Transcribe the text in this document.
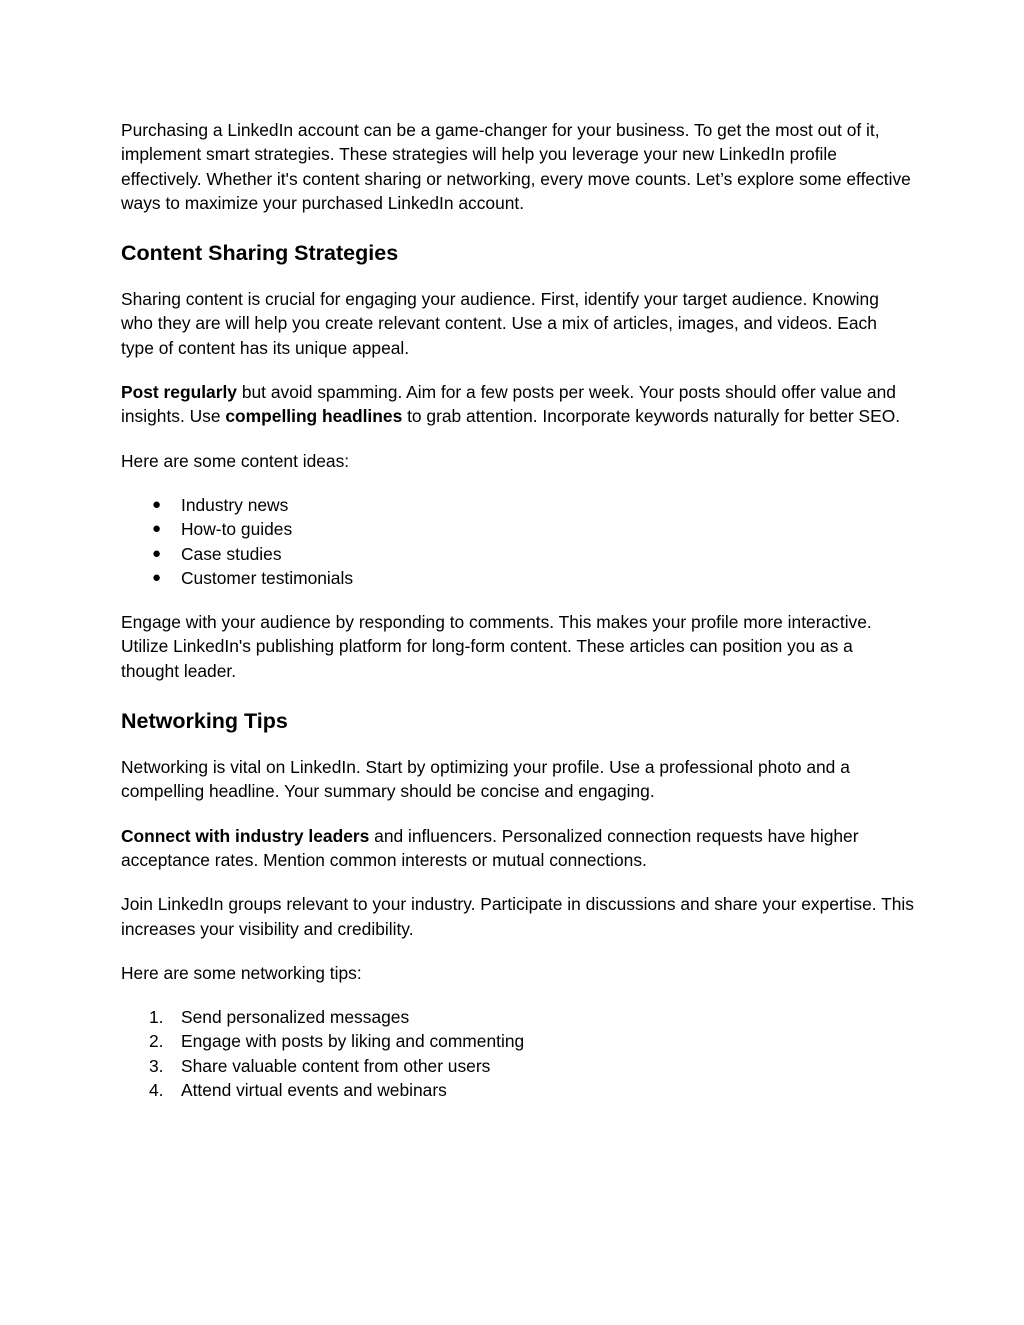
Purchasing a LinkedIn account can be a game-changer for your business. To get the most out of it, implement smart strategies. These strategies will help you leverage your new LinkedIn profile effectively. Whether it's content sharing or networking, every move counts. Let’s explore some effective ways to maximize your purchased LinkedIn account.

Content Sharing Strategies

Sharing content is crucial for engaging your audience. First, identify your target audience. Knowing who they are will help you create relevant content. Use a mix of articles, images, and videos. Each type of content has its unique appeal.

Post regularly but avoid spamming. Aim for a few posts per week. Your posts should offer value and insights. Use compelling headlines to grab attention. Incorporate keywords naturally for better SEO.

Here are some content ideas:

● Industry news
● How-to guides
● Case studies
● Customer testimonials

Engage with your audience by responding to comments. This makes your profile more interactive. Utilize LinkedIn's publishing platform for long-form content. These articles can position you as a thought leader.

Networking Tips

Networking is vital on LinkedIn. Start by optimizing your profile. Use a professional photo and a compelling headline. Your summary should be concise and engaging.

Connect with industry leaders and influencers. Personalized connection requests have higher acceptance rates. Mention common interests or mutual connections.

Join LinkedIn groups relevant to your industry. Participate in discussions and share your expertise. This increases your visibility and credibility.

Here are some networking tips:

1.	Send personalized messages
2.	Engage with posts by liking and commenting
3.	Share valuable content from other users
4.	Attend virtual events and webinars
